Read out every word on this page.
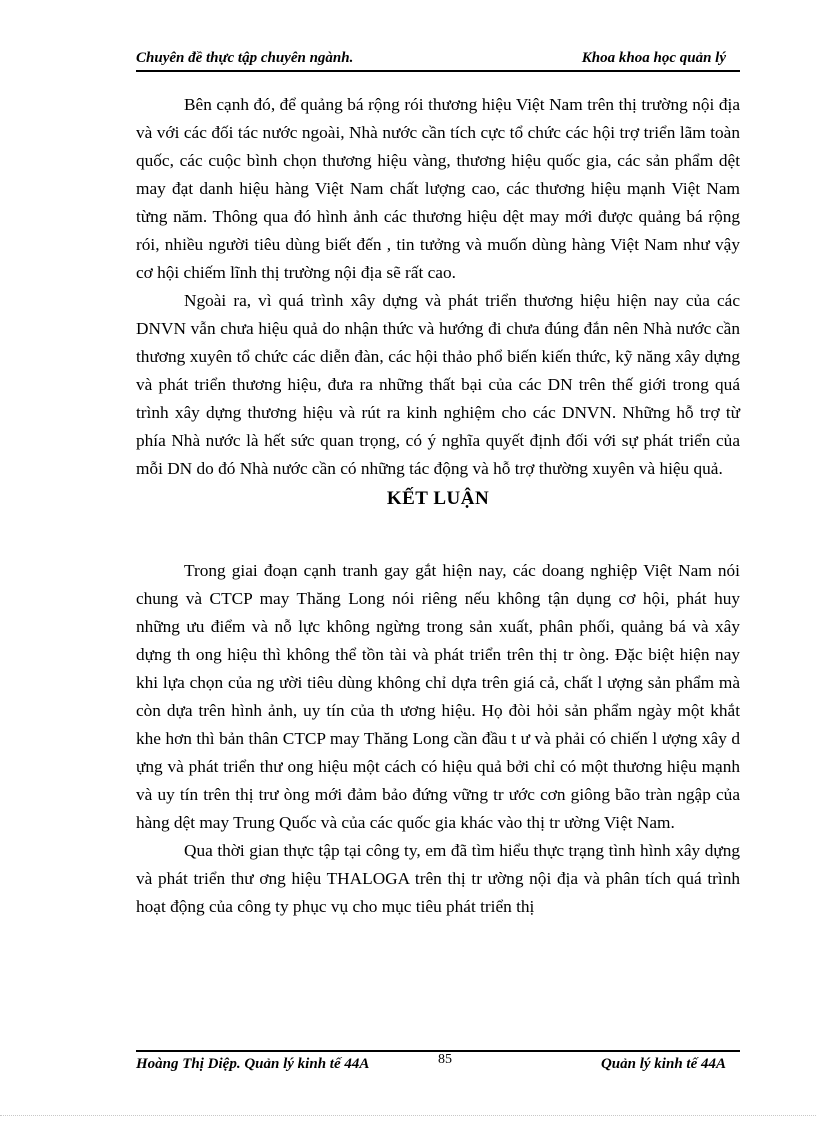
Chuyên đề thực tập chuyên ngành.	Khoa khoa học quản lý

Bên cạnh đó, để quảng bá rộng rói thương hiệu Việt Nam trên thị trường nội địa và với các đối tác nước ngoài, Nhà nước cần tích cực tổ chức các hội trợ triển lãm toàn quốc, các cuộc bình chọn thương hiệu vàng, thương hiệu quốc gia, các sản phẩm dệt may đạt danh hiệu hàng Việt Nam chất lượng cao, các thương hiệu mạnh Việt Nam từng năm. Thông qua đó hình ảnh các thương hiệu dệt may mới được quảng bá rộng rói, nhiều người tiêu dùng biết đến , tin tưởng và muốn dùng hàng Việt Nam như vậy cơ hội chiếm lĩnh thị trường nội địa sẽ rất cao.

Ngoài ra, vì quá trình xây dựng và phát triển thương hiệu hiện nay của các DNVN vẫn chưa hiệu quả do nhận thức và hướng đi chưa đúng đắn nên Nhà nước cần thương xuyên tổ chức các diễn đàn, các hội thảo phổ biến kiến thức, kỹ năng xây dựng và phát triển thương hiệu, đưa ra những thất bại của các DN trên thế giới trong quá trình xây dựng thương hiệu và rút ra kinh nghiệm cho các DNVN. Những hỗ trợ từ phía Nhà nước là hết sức quan trọng, có ý nghĩa quyết định đối với sự phát triển của mỗi DN do đó Nhà nước cần có những tác động và hỗ trợ thường xuyên và hiệu quả.

KẾT LUẬN

Trong giai đoạn cạnh tranh gay gắt hiện nay, các doang nghiệp Việt Nam nói chung và CTCP may Thăng Long nói riêng nếu không tận dụng cơ hội, phát huy những ưu điểm và nỗ lực không ngừng trong sản xuất, phân phối, quảng bá và xây dựng th ong hiệu thì không thể tồn tài và phát triển trên thị tr òng. Đặc biệt hiện nay khi lựa chọn của ng ười tiêu dùng không chỉ dựa trên giá cả, chất l ượng sản phẩm mà còn dựa trên hình ảnh, uy tín của th ương hiệu. Họ đòi hỏi sản phẩm ngày một khắt khe hơn thì bản thân CTCP may Thăng Long cần đầu t ư và phải có chiến l ượng xây d ựng và phát triển thư ong hiệu một cách có hiệu quả bởi chỉ có một thương hiệu mạnh và uy tín trên thị trư òng mới đảm bảo đứng vững tr ước cơn giông bão tràn ngập của hàng dệt may Trung Quốc và của các quốc gia khác vào thị tr ường Việt Nam.

Qua thời gian thực tập tại công ty, em đã tìm hiểu thực trạng tình hình xây dựng và phát triển thư ơng hiệu THALOGA trên thị tr ường nội địa và phân tích quá trình hoạt động của công ty phục vụ cho mục tiêu phát triển thị

Hoàng Thị Diệp. Quản lý kinh tế 44A	85	Quản lý kinh tế 44A
